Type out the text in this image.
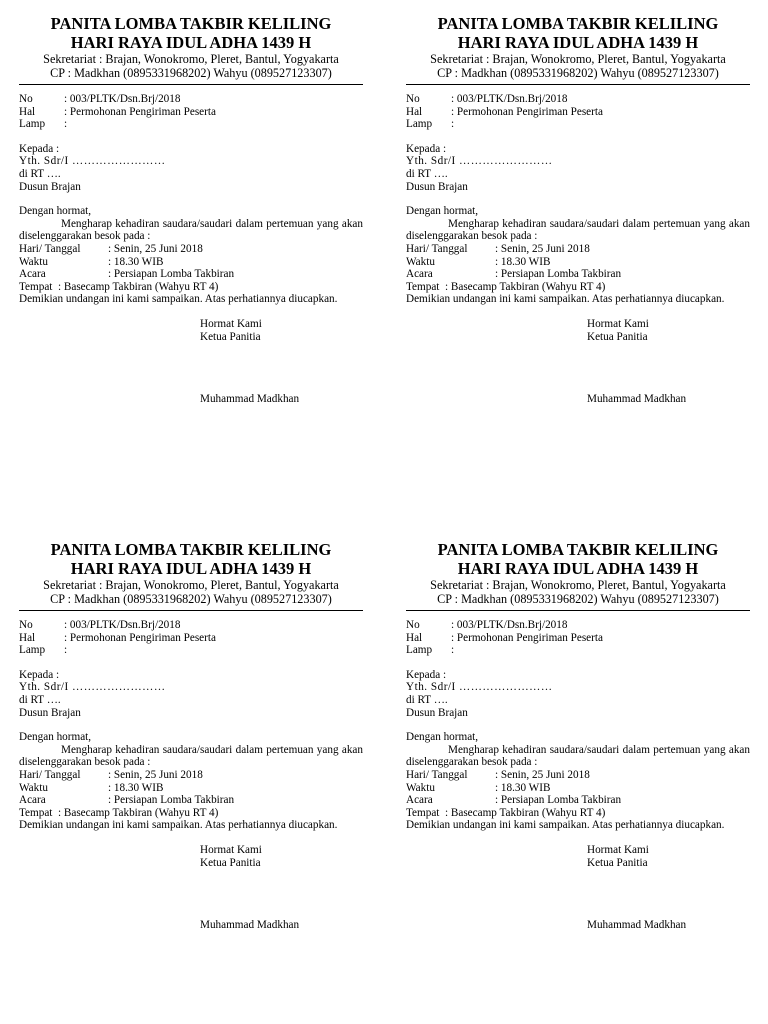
PANITA LOMBA TAKBIR KELILING
HARI RAYA IDUL ADHA 1439 H
Sekretariat : Brajan, Wonokromo, Pleret, Bantul, Yogyakarta
CP : Madkhan (0895331968202) Wahyu (089527123307)
No	: 003/PLTK/Dsn.Brj/2018
Hal	: Permohonan Pengiriman Peserta
Lamp	:
Kepada :
Yth. Sdr/I ……………………
di RT ….
Dusun Brajan
Dengan hormat,
Mengharap kehadiran saudara/saudari dalam pertemuan yang akan diselenggarakan besok pada :
Hari/ Tanggal	: Senin, 25 Juni 2018
Waktu	: 18.30 WIB
Acara	: Persiapan Lomba Takbiran
Tempat  : Basecamp Takbiran (Wahyu RT 4)
Demikian undangan ini kami sampaikan. Atas perhatiannya diucapkan.
Hormat Kami
Ketua Panitia
Muhammad Madkhan
PANITA LOMBA TAKBIR KELILING
HARI RAYA IDUL ADHA 1439 H
Sekretariat : Brajan, Wonokromo, Pleret, Bantul, Yogyakarta
CP : Madkhan (0895331968202) Wahyu (089527123307)
No	: 003/PLTK/Dsn.Brj/2018
Hal	: Permohonan Pengiriman Peserta
Lamp	:
Kepada :
Yth. Sdr/I ……………………
di RT ….
Dusun Brajan
Dengan hormat,
Mengharap kehadiran saudara/saudari dalam pertemuan yang akan diselenggarakan besok pada :
Hari/ Tanggal	: Senin, 25 Juni 2018
Waktu	: 18.30 WIB
Acara	: Persiapan Lomba Takbiran
Tempat  : Basecamp Takbiran (Wahyu RT 4)
Demikian undangan ini kami sampaikan. Atas perhatiannya diucapkan.
Hormat Kami
Ketua Panitia
Muhammad Madkhan
PANITA LOMBA TAKBIR KELILING
HARI RAYA IDUL ADHA 1439 H
Sekretariat : Brajan, Wonokromo, Pleret, Bantul, Yogyakarta
CP : Madkhan (0895331968202) Wahyu (089527123307)
No	: 003/PLTK/Dsn.Brj/2018
Hal	: Permohonan Pengiriman Peserta
Lamp	:
Kepada :
Yth. Sdr/I ……………………
di RT ….
Dusun Brajan
Dengan hormat,
Mengharap kehadiran saudara/saudari dalam pertemuan yang akan diselenggarakan besok pada :
Hari/ Tanggal	: Senin, 25 Juni 2018
Waktu	: 18.30 WIB
Acara	: Persiapan Lomba Takbiran
Tempat  : Basecamp Takbiran (Wahyu RT 4)
Demikian undangan ini kami sampaikan. Atas perhatiannya diucapkan.
Hormat Kami
Ketua Panitia
Muhammad Madkhan
PANITA LOMBA TAKBIR KELILING
HARI RAYA IDUL ADHA 1439 H
Sekretariat : Brajan, Wonokromo, Pleret, Bantul, Yogyakarta
CP : Madkhan (0895331968202) Wahyu (089527123307)
No	: 003/PLTK/Dsn.Brj/2018
Hal	: Permohonan Pengiriman Peserta
Lamp	:
Kepada :
Yth. Sdr/I ……………………
di RT ….
Dusun Brajan
Dengan hormat,
Mengharap kehadiran saudara/saudari dalam pertemuan yang akan diselenggarakan besok pada :
Hari/ Tanggal	: Senin, 25 Juni 2018
Waktu	: 18.30 WIB
Acara	: Persiapan Lomba Takbiran
Tempat  : Basecamp Takbiran (Wahyu RT 4)
Demikian undangan ini kami sampaikan. Atas perhatiannya diucapkan.
Hormat Kami
Ketua Panitia
Muhammad Madkhan
